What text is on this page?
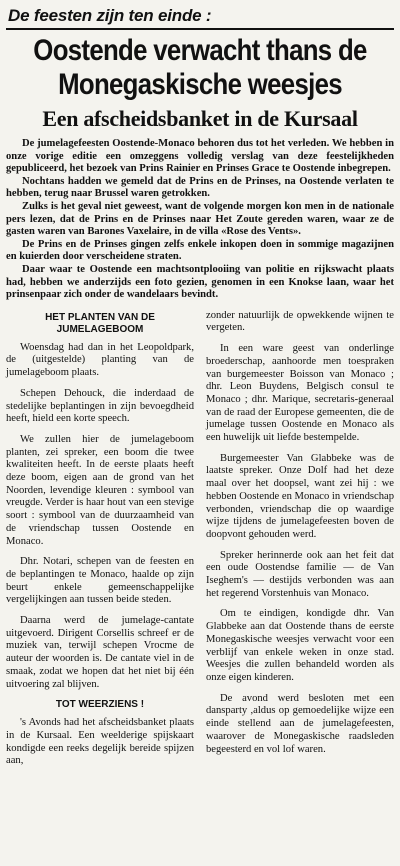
De feesten zijn ten einde :
Oostende verwacht thans de
Monegaskische weesjes
Een afscheidsbanket in de Kursaal

De jumelagefeesten Oostende-Monaco behoren dus tot het verleden. We hebben in onze vorige editie een omzeggens volledig verslag van deze feestelijkheden gepubliceerd, het bezoek van Prins Rainier en Prinses Grace te Oostende inbegrepen.

Nochtans hadden we gemeld dat de Prins en de Prinses, na Oostende verlaten te hebben, terug naar Brussel waren getrokken.

Zulks is het geval niet geweest, want de volgende morgen kon men in de nationale pers lezen, dat de Prins en de Prinses naar Het Zoute gereden waren, waar ze de gasten waren van Barones Vaxelaire, in de villa «Rose des Vents».

De Prins en de Prinses gingen zelfs enkele inkopen doen in sommige magazijnen en kuierden door verscheidene straten.

Daar waar te Oostende een machtsontplooiing van politie en rijkswacht plaats had, hebben we anderzijds een foto gezien, genomen in een Knokse laan, waar het prinsenpaar zich onder de wandelaars bevindt.

HET PLANTEN VAN DE
JUMELAGEBOOM

Woensdag had dan in het Leopoldpark, de (uitgestelde) planting van de jumelageboom plaats.

Schepen Dehouck, die inderdaad de stedelijke beplantingen in zijn bevoegdheid heeft, hield een korte speech.

We zullen hier de jumelageboom planten, zei spreker, een boom die twee kwaliteiten heeft. In de eerste plaats heeft deze boom, eigen aan de grond van het Noorden, levendige kleuren : symbool van vreugde. Verder is haar hout van een stevige soort : symbool van de duurzaamheid van de vriendschap tussen Oostende en Monaco.

Dhr. Notari, schepen van de feesten en de beplantingen te Monaco, haalde op zijn beurt enkele gemeenschappelijke vergelijkingen aan tussen beide steden.

Daarna werd de jumelage-cantate uitgevoerd. Dirigent Corsellis schreef er de muziek van, terwijl schepen Vrocme de auteur der woorden is. De cantate viel in de smaak, zodat we hopen dat het niet bij één uitvoering zal blijven.

TOT WEERZIENS !

's Avonds had het afscheidsbanket plaats in de Kursaal. Een weelderige spijskaart kondigde een reeks degelijk bereide spijzen aan,

zonder natuurlijk de opwekkende wijnen te vergeten.

In een ware geest van onderlinge broederschap, aanhoorde men toespraken van burgemeester Boisson van Monaco ; dhr. Leon Buydens, Belgisch consul te Monaco ; dhr. Marique, secretaris-generaal van de raad der Europese gemeenten, die de jumelage tussen Oostende en Monaco als een huwelijk uit liefde bestempelde.

Burgemeester Van Glabbeke was de laatste spreker. Onze Dolf had het deze maal over het doopsel, want zei hij : we hebben Oostende en Monaco in vriendschap verbonden, vriendschap die op waardige wijze tijdens de jumelagefeesten boven de doopvont gehouden werd.

Spreker herinnerde ook aan het feit dat een oude Oostendse familie — de Van Iseghem's — destijds verbonden was aan het regerend Vorstenhuis van Monaco.

Om te eindigen, kondigde dhr. Van Glabbeke aan dat Oostende thans de eerste Monegaskische weesjes verwacht voor een verblijf van enkele weken in onze stad. Weesjes die zullen behandeld worden als onze eigen kinderen.

De avond werd besloten met een dansparty ,aldus op gemoedelijke wijze een einde stellend aan de jumelagefeesten, waarover de Monegaskische raadsleden begeesterd en vol lof waren.
